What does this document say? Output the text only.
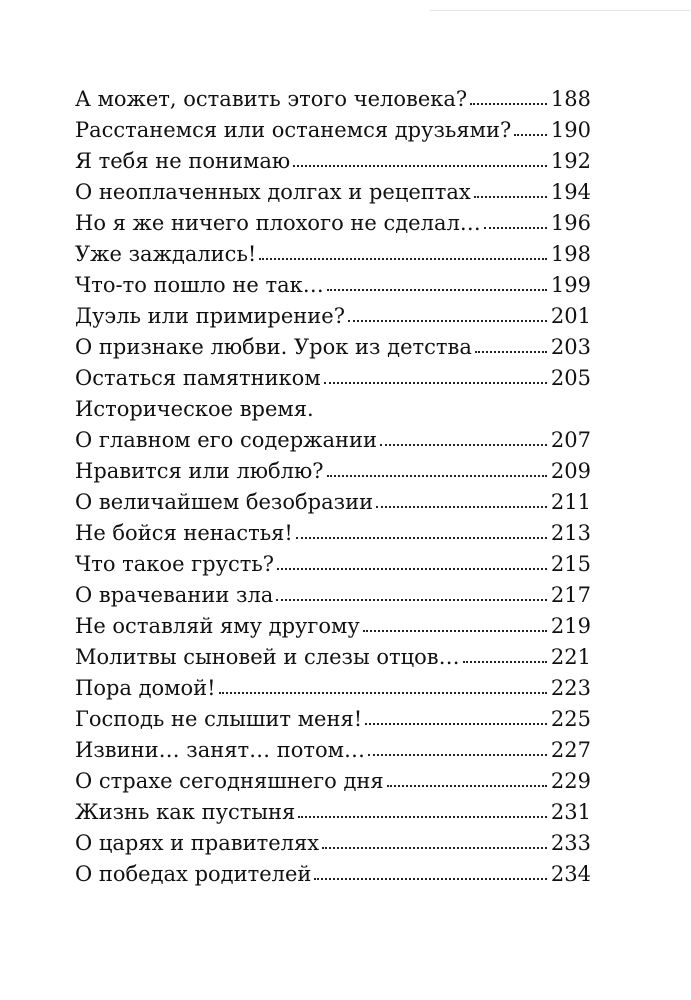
А может, оставить этого человека?	188
Расстанемся или останемся друзьями? 190
Я тебя не понимаю	192
О неоплаченных долгах и рецептах	194
Но я же ничего плохого не сделал…	196
Уже заждались!	198
Что-то пошло не так…	199
Дуэль или примирение?	201
О признаке любви. Урок из детства	203
Остаться памятником	205
Историческое время.
О главном его содержании	207
Нравится или люблю?	209
О величайшем безобразии	211
Не бойся ненастья!	213
Что такое грусть?	215
О врачевании зла	217
Не оставляй яму другому	219
Молитвы сыновей и слезы отцов…	221
Пора домой!	223
Господь не слышит меня!	225
Извини… занят… потом…	227
О страхе сегодняшнего дня	229
Жизнь как пустыня	231
О царях и правителях	233
О победах родителей	234
